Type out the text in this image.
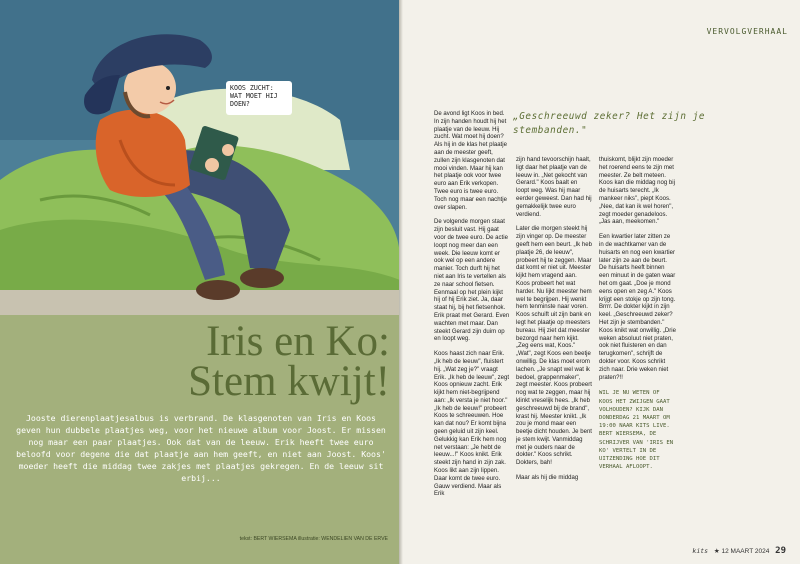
KOOS ZUCHT: WAT MOET HIJ DOEN?
Iris en Ko:
Stem kwijt!
Jooste dierenplaatjesalbus is verbrand. De klasgenoten van Iris en Koos geven hun dubbele plaatjes weg, voor het nieuwe album voor Joost. Er missen nog maar een paar plaatjes. Ook dat van de leeuw. Erik heeft twee euro beloofd voor degene die dat plaatje aan hem geeft, en niet aan Joost. Koos' moeder heeft die middag twee zakjes met plaatjes gekregen. En de leeuw sit erbij...
tekst: BERT WIERSEMA illustratie: WENDELIEN VAN DE ERVE
VERVOLGVERHAAL
„Geschreeuwd zeker? Het zijn je stembanden."

De avond ligt Koos in bed. In zijn handen houdt hij het plaatje van de leeuw. Hij zucht. Wat moet hij doen? Als hij in de klas het plaatje aan de meester geeft, zullen zijn klasgenoten dat mooi vinden. Maar hij kan het plaatje ook voor twee euro aan Erik verkopen. Twee euro is twee euro. Toch nog maar een nachtje over slapen.

De volgende morgen staat zijn besluit vast. Hij gaat voor de twee euro. De actie loopt nog meer dan een week. Die leeuw komt er ook wel op een andere manier. Toch durft hij het niet aan Iris te vertellen als ze naar school fietsen. Eenmaal op het plein kijkt hij of hij Erik ziet. Ja, daar staat hij, bij het fietsenhok. Erik praat met Gerard. Even wachten met maar. Dan steekt Gerard zijn duim op en loopt weg.

Koos haast zich naar Erik. „Ik heb de leeuw", fluistert hij. „Wat zeg je?" vraagt Erik. „Ik heb de leeuw", zegt Koos opnieuw zacht. Erik kijkt hem niet-begrijpend aan: „Ik versta je niet hoor." „Ik heb de leeuw!" probeert Koos te schreeuwen. Hoe kan dat nou? Er komt bijna geen geluid uit zijn keel. Gelukkig kan Erik hem nog net verstaan: „Je hebt de leeuw...!" Koos knikt. Erik steekt zijn hand in zijn zak. Koos likt aan zijn lippen. Daar komt de twee euro. Gauw verdiend. Maar als Erik

zijn hand tevoorschijn haalt, ligt daar het plaatje van de leeuw in. „Net gekocht van Gerard." Koos baalt en loopt weg. Was hij maar eerder geweest. Dan had hij gemakkelijk twee euro verdiend.

Later die morgen steekt hij zijn vinger op. De meester geeft hem een beurt. „Ik heb plaatje 26, de leeuw", probeert hij te zeggen. Maar dat komt er niet uit. Meester kijkt hem vragend aan. Koos probeert het wat harder. Nu lijkt meester hem wel te begrijpen. Hij wenkt hem tenminste naar voren. Koos schuift uit zijn bank en legt het plaatje op meesters bureau. Hij ziet dat meester bezorgd naar hem kijkt. „Zeg eens wat, Koos." „Wat", zegt Koos een beetje onwillig. De klas moet erom lachen. „Je snapt wel wat ik bedoel, grappenmaker", zegt meester. Koos probeert nog wat te zeggen, maar hij klinkt vreselijk hees. „Ik heb geschreeuwd bij de brand", krast hij. Meester knikt. „Ik zou je mond maar een beetje dicht houden. Je bent je stem kwijt. Vanmiddag met je ouders naar de dokter." Koos schrikt. Dokters, bah!

Maar als hij die middag

thuiskomt, blijkt zijn moeder het roerend eens te zijn met meester. Ze belt meteen. Koos kan die middag nog bij de huisarts terecht. „Ik mankeer niks", piept Koos. „Nee, dat kan ik wel horen", zegt moeder genadeloos. „Jas aan, meekomen."

Een kwartier later zitten ze in de wachtkamer van de huisarts en nog een kwartier later zijn ze aan de beurt. De huisarts heeft binnen een minuut in de gaten waar het om gaat. „Doe je mond eens open en zeg A." Koos krijgt een stokje op zijn tong. Brrrr. De dokter kijkt in zijn keel. „Geschreeuwd zeker? Het zijn je stembanden." Koos knikt wat onwillig. „Drie weken absoluut niet praten, ook niet fluisteren en dan terugkomen", schrijft de dokter voor. Koos schrikt zich naar. Drie weken niet praten?!!

WIL JE NU WETEN OF KOOS HET ZWIJGEN GAAT VOLHOUDEN? KIJK DAN DONDERDAG 21 MAART OM 19:00 NAAR KITS LIVE. BERT WIERSEMA, DE SCHRIJVER VAN 'IRIS EN KO' VERTELT IN DE UITZENDING HOE DIT VERHAAL AFLOOPT.
kits ★ 12 MAART 2024 29
